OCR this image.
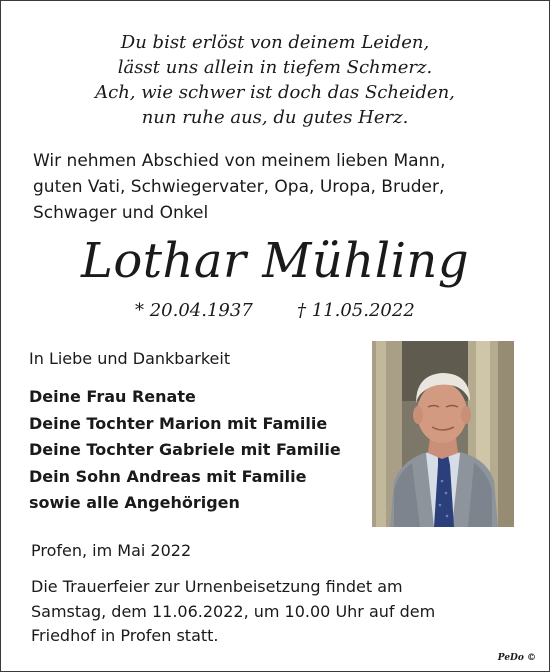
Du bist erlöst von deinem Leiden,
lässt uns allein in tiefem Schmerz.
Ach, wie schwer ist doch das Scheiden,
nun ruhe aus, du gutes Herz.
Wir nehmen Abschied von meinem lieben Mann,
guten Vati, Schwiegervater, Opa, Uropa, Bruder,
Schwager und Onkel
Lothar Mühling
* 20.04.1937 † 11.05.2022
In Liebe und Dankbarkeit
Deine Frau Renate
Deine Tochter Marion mit Familie
Deine Tochter Gabriele mit Familie
Dein Sohn Andreas mit Familie
sowie alle Angehörigen
Profen, im Mai 2022
Die Trauerfeier zur Urnenbeisetzung findet am
Samstag, dem 11.06.2022, um 10.00 Uhr auf dem
Friedhof in Profen statt.
PeDo ©
